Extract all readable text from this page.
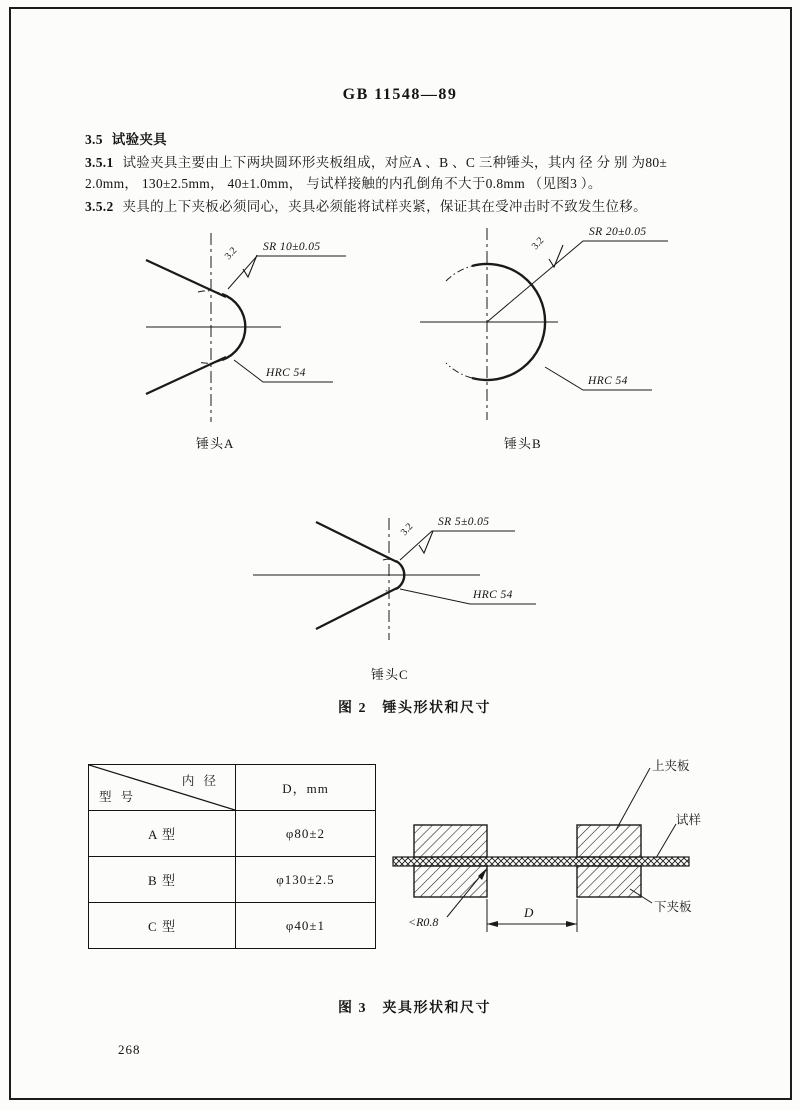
GB 11548—89
3.5 试验夹具
3.5.1 试验夹具主要由上下两块圆环形夹板组成，对应A 、B 、C 三种锤头，其内 径 分 别 为80±
2.0mm， 130±2.5mm， 40±1.0mm， 与试样接触的内孔倒角不大于0.8mm （见图3 ）。
3.5.2 夹具的上下夹板必须同心，夹具必须能将试样夹紧，保证其在受冲击时不致发生位移。
3.2 SR 10±0.05
HRC 54
锤头A
3.2
SR 20±0.05
HRC 54
锤头B
3.2 SR 5±0.05
HRC 54
锤头C
图 2　锤头形状和尺寸
内 径
型 号	D，mm
A 型	φ80±2
B 型	φ130±2.5
C 型	φ40±1
上夹板
试样
下夹板
D
<R0.8
图 3　夹具形状和尺寸
268
